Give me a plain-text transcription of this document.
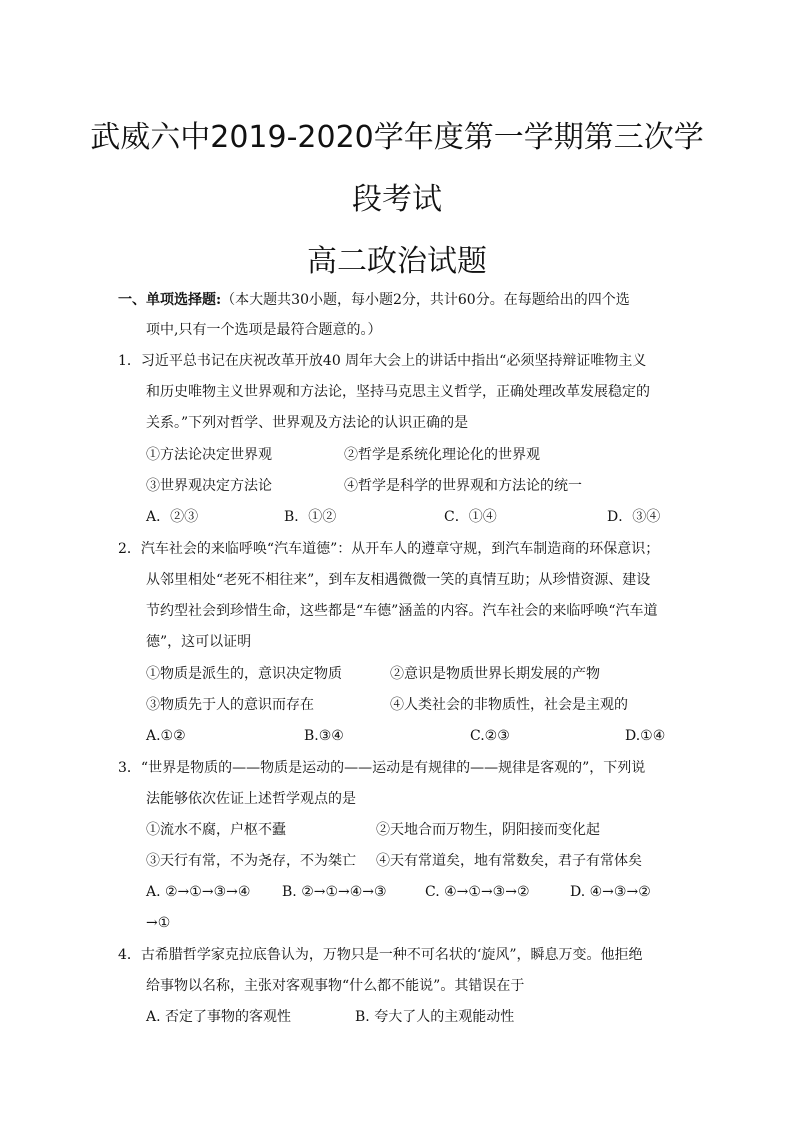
武威六中2019-2020学年度第一学期第三次学
段考试
高二政治试题
一、单项选择题:（本大题共30小题，每小题2分，共计60分。在每题给出的四个选
项中,只有一个选项是最符合题意的。）
1．习近平总书记在庆祝改革开放40 周年大会上的讲话中指出“必须坚持辩证唯物主义
和历史唯物主义世界观和方法论，坚持马克思主义哲学，正确处理改革发展稳定的
关系。”下列对哲学、世界观及方法论的认识正确的是
①方法论决定世界观	②哲学是系统化理论化的世界观
③世界观决定方法论	④哲学是科学的世界观和方法论的统一
A．②③	B．①②	C．①④	D．③④
2．汽车社会的来临呼唤“汽车道德”：从开车人的遵章守规，到汽车制造商的环保意识；
从邻里相处“老死不相往来”，到车友相遇微微一笑的真情互助；从珍惜资源、建设
节约型社会到珍惜生命，这些都是“车德”涵盖的内容。汽车社会的来临呼唤“汽车道
德”，这可以证明
①物质是派生的，意识决定物质	②意识是物质世界长期发展的产物
③物质先于人的意识而存在	④人类社会的非物质性，社会是主观的
A.①②	B.③④	C.②③	D.①④
3．“世界是物质的——物质是运动的——运动是有规律的——规律是客观的”，下列说
法能够依次佐证上述哲学观点的是
①流水不腐，户枢不蠹	②天地合而万物生，阴阳接而变化起
③天行有常，不为尧存，不为桀亡 ④天有常道矣，地有常数矣，君子有常体矣
A. ②→①→③→④ B. ②→①→④→③	C. ④→①→③→②	D. ④→③→②
→①
4．古希腊哲学家克拉底鲁认为，万物只是一种不可名状的‘旋风”，瞬息万变。他拒绝
给事物以名称，主张对客观事物“什么都不能说”。其错误在于
A. 否定了事物的客观性	B. 夸大了人的主观能动性
